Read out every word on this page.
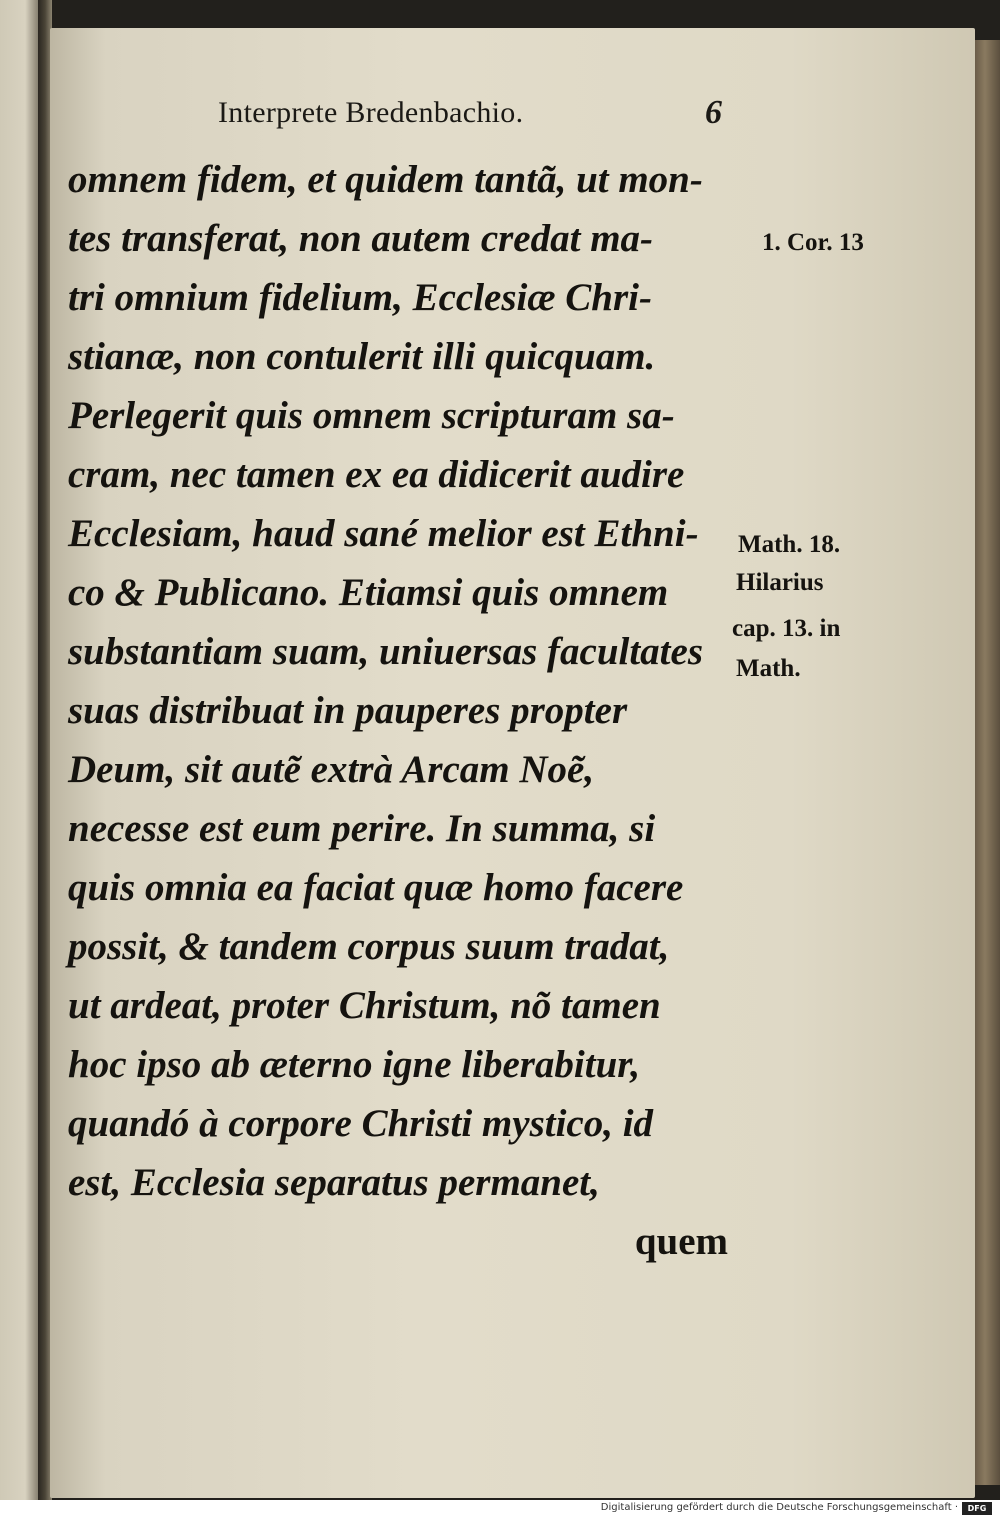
Interprete Bredenbachio.	6
omnem fidem, et quidem tantã, ut mon-
tes transferat, non autem credat ma-
tri omnium fidelium, Ecclesiæ Chri-
stianæ, non contulerit illi quicquam.
Perlegerit quis omnem scripturam sa-
cram, nec tamen ex ea didicerit audire
Ecclesiam, haud sané melior est Ethni-
co & Publicano. Etiamsi quis omnem
substantiam suam, uniuersas facultates
suas distribuat in pauperes propter
Deum, sit autẽ extrà Arcam Noẽ,
necesse est eum perire. In summa, si
quis omnia ea faciat quæ homo facere
possit, & tandem corpus suum tradat,
ut ardeat, proter Christum, nõ tamen
hoc ipso ab æterno igne liberabitur,
quandó à corpore Christi mystico, id
est, Ecclesia separatus permanet,
quem
1. Cor. 13
Math. 18.
Hilarius
cap. 13. in
Math.
Digitalisierung gefördert durch die Deutsche Forschungsgemeinschaft ·	DFG
